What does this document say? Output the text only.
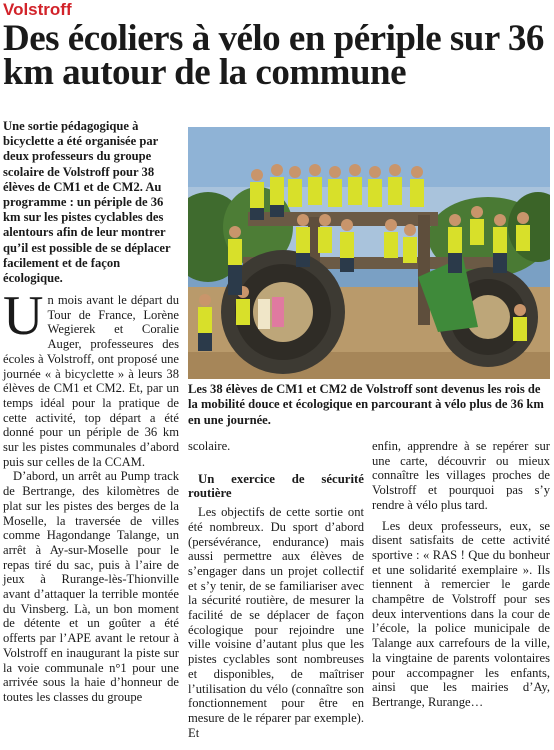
Volstroff
Des écoliers à vélo en périple sur 36 km autour de la commune

Une sortie pédagogique à bicyclette a été organisée par deux professeurs du groupe scolaire de Volstroff pour 38 élèves de CM1 et de CM2. Au programme : un périple de 36 km sur les pistes cyclables des alentours afin de leur montrer qu’il est possible de se déplacer facilement et de façon écologique.

Les 38 élèves de CM1 et CM2 de Volstroff sont devenus les rois de la mobilité douce et écologique en parcourant à vélo plus de 36 km en une journée.

Un mois avant le départ du Tour de France, Lorène Wegierek et Coralie Auger, professeures des écoles à Volstroff, ont proposé une journée « à bicyclette » à leurs 38 élèves de CM1 et CM2. Et, par un temps idéal pour la pratique de cette activité, top départ a été donné pour un périple de 36 km sur les pistes communales d’abord puis sur celles de la CCAM.

D’abord, un arrêt au Pump track de Bertrange, des kilomètres de plat sur les pistes des berges de la Moselle, la traversée de villes comme Hagondange Talange, un arrêt à Ay-sur-Moselle pour le repas tiré du sac, puis à l’aire de jeux à Rurange-lès-Thionville avant d’attaquer la terrible montée du Vinsberg. Là, un bon moment de détente et un goûter a été offerts par l’APE avant le retour à Volstroff en inaugurant la piste sur la voie communale n°1 pour une arrivée sous la haie d’honneur de toutes les classes du groupe

scolaire.

Un exercice de sécurité routière

Les objectifs de cette sortie ont été nombreux. Du sport d’abord (persévérance, endurance) mais aussi permettre aux élèves de s’engager dans un projet collectif et s’y tenir, de se familiariser avec la sécurité routière, de mesurer la facilité de se déplacer de façon écologique pour rejoindre une ville voisine d’autant plus que les pistes cyclables sont nombreuses et disponibles, de maîtriser l’utilisation du vélo (connaître son fonctionnement pour être en mesure de le réparer par exemple). Et

enfin, apprendre à se repérer sur une carte, découvrir ou mieux connaître les villages proches de Volstroff et pourquoi pas s’y rendre à vélo plus tard.

Les deux professeurs, eux, se disent satisfaits de cette activité sportive : « RAS ! Que du bonheur et une solidarité exemplaire ». Ils tiennent à remercier le garde champêtre de Volstroff pour ses deux interventions dans la cour de l’école, la police municipale de Talange aux carrefours de la ville, la vingtaine de parents volontaires pour accompagner les enfants, ainsi que les mairies d’Ay, Bertrange, Rurange…
